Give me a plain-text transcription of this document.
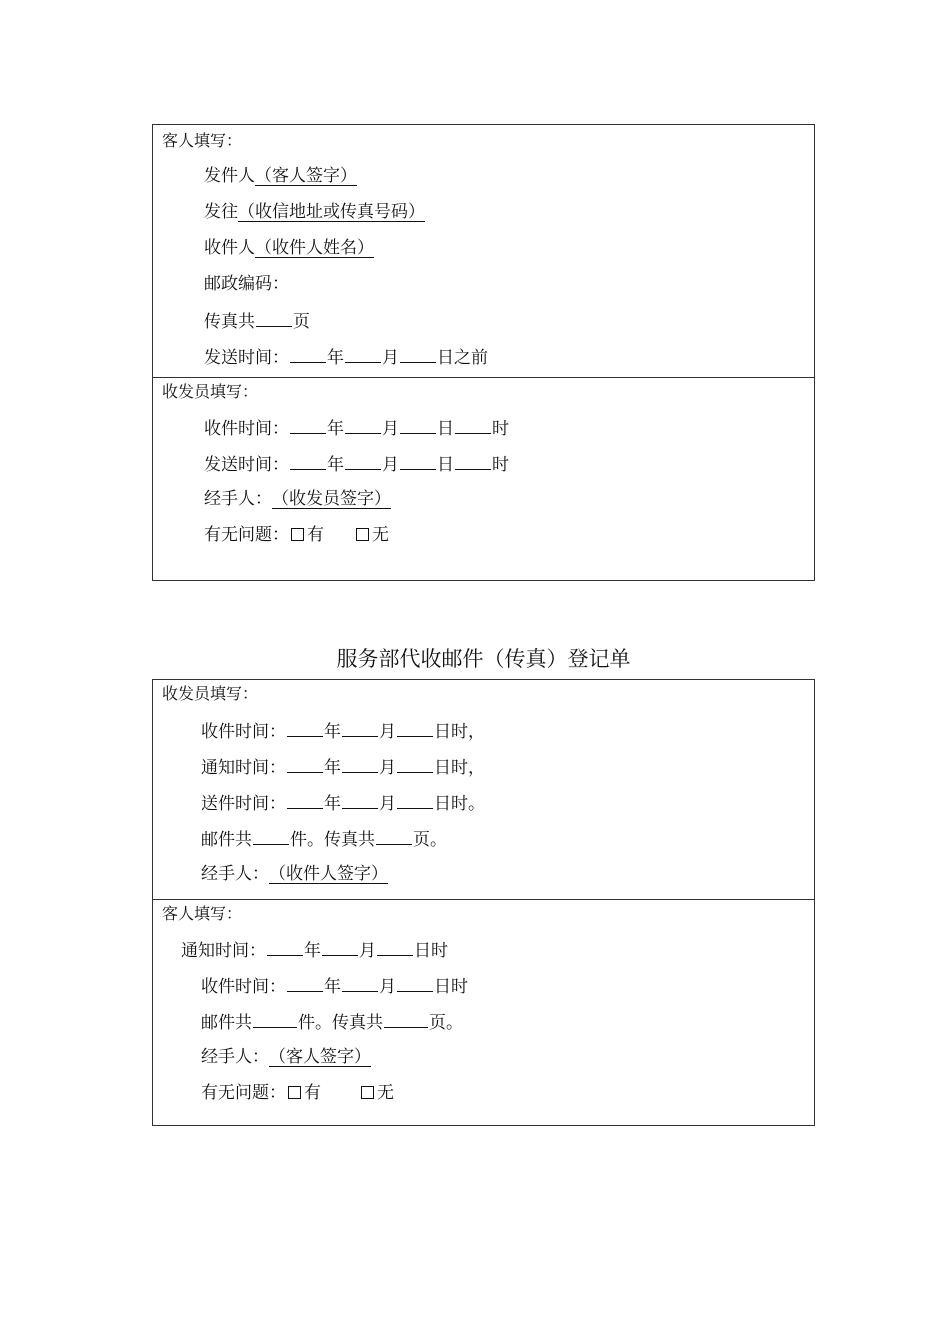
客人填写：
发件人（客人签字）
发往（收信地址或传真号码）
收件人（收件人姓名）
邮政编码：
传真共 页
发送时间： 年 月 日之前
收发员填写：
收件时间： 年 月 日 时
发送时间： 年 月 日 时
经手人：（收发员签字）
有无问题： 有	无
服务部代收邮件（传真）登记单
收发员填写：
收件时间： 年 月 日时，
通知时间： 年 月 日时，
送件时间： 年 月 日时。
邮件共 件。传真共 页。
经手人：（收件人签字）
客人填写：
通知时间： 年 月 日时
收件时间： 年 月 日时
邮件共	件。传真共	页。
经手人：（客人签字）
有无问题： 有	无
